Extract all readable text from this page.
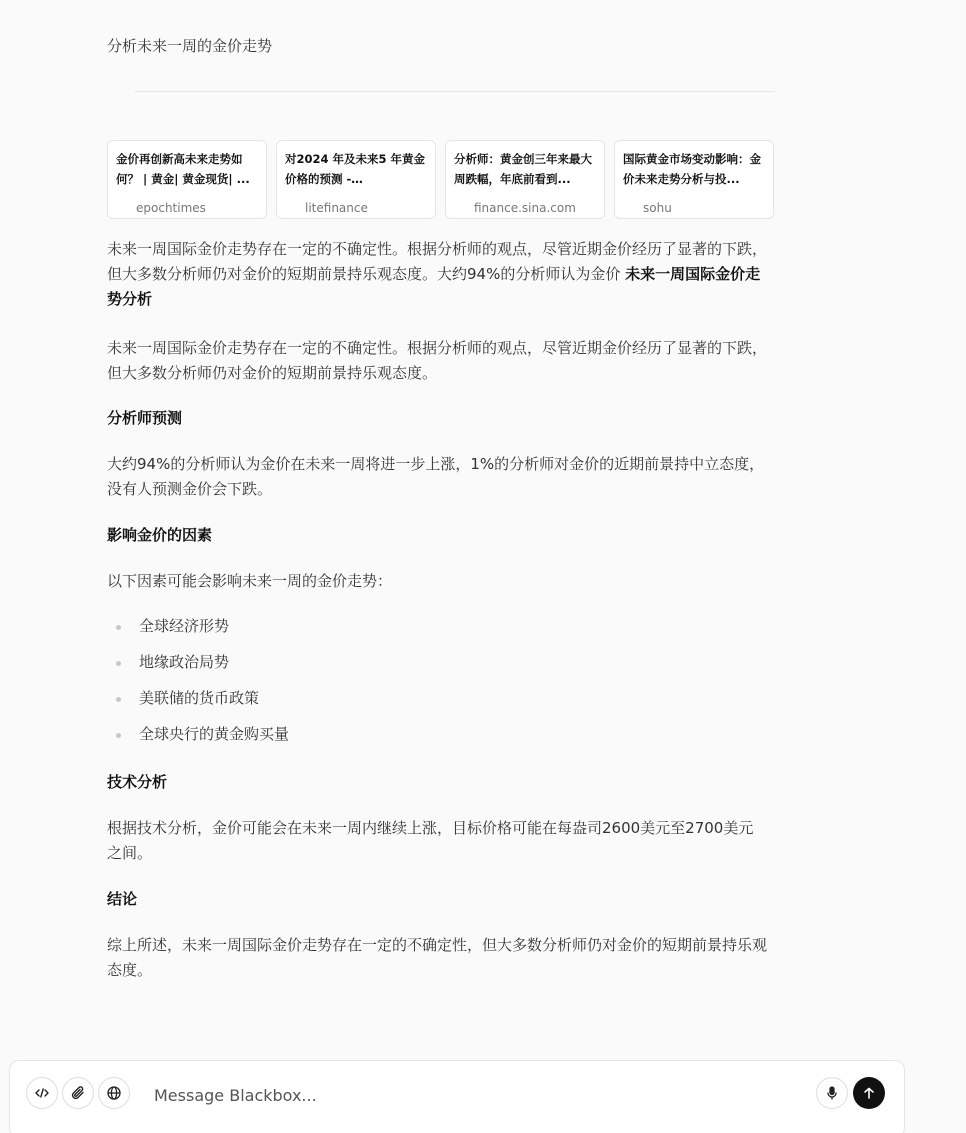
分析未来一周的金价走势
金价再创新高未来走势如何？ | 黄金| 黄金现货| ...
epochtimes
对2024 年及未来5 年黄金价格的预测 -
litefinance
分析师：黄金创三年来最大周跌幅，年底前看到...
finance.sina.com
国际黄金市场变动影响：金价未来走势分析与投...
sohu

未来一周国际金价走势存在一定的不确定性。根据分析师的观点，尽管近期金价经历了显著的下跌，但大多数分析师仍对金价的短期前景持乐观态度。大约94%的分析师认为金价 未来一周国际金价走势分析

未来一周国际金价走势存在一定的不确定性。根据分析师的观点，尽管近期金价经历了显著的下跌，但大多数分析师仍对金价的短期前景持乐观态度。

分析师预测

大约94%的分析师认为金价在未来一周将进一步上涨，1%的分析师对金价的近期前景持中立态度，没有人预测金价会下跌。

影响金价的因素

以下因素可能会影响未来一周的金价走势：

全球经济形势
地缘政治局势
美联储的货币政策
全球央行的黄金购买量
技术分析

根据技术分析，金价可能会在未来一周内继续上涨，目标价格可能在每盎司2600美元至2700美元之间。

结论

综上所述，未来一周国际金价走势存在一定的不确定性，但大多数分析师仍对金价的短期前景持乐观态度。

Message Blackbox...
